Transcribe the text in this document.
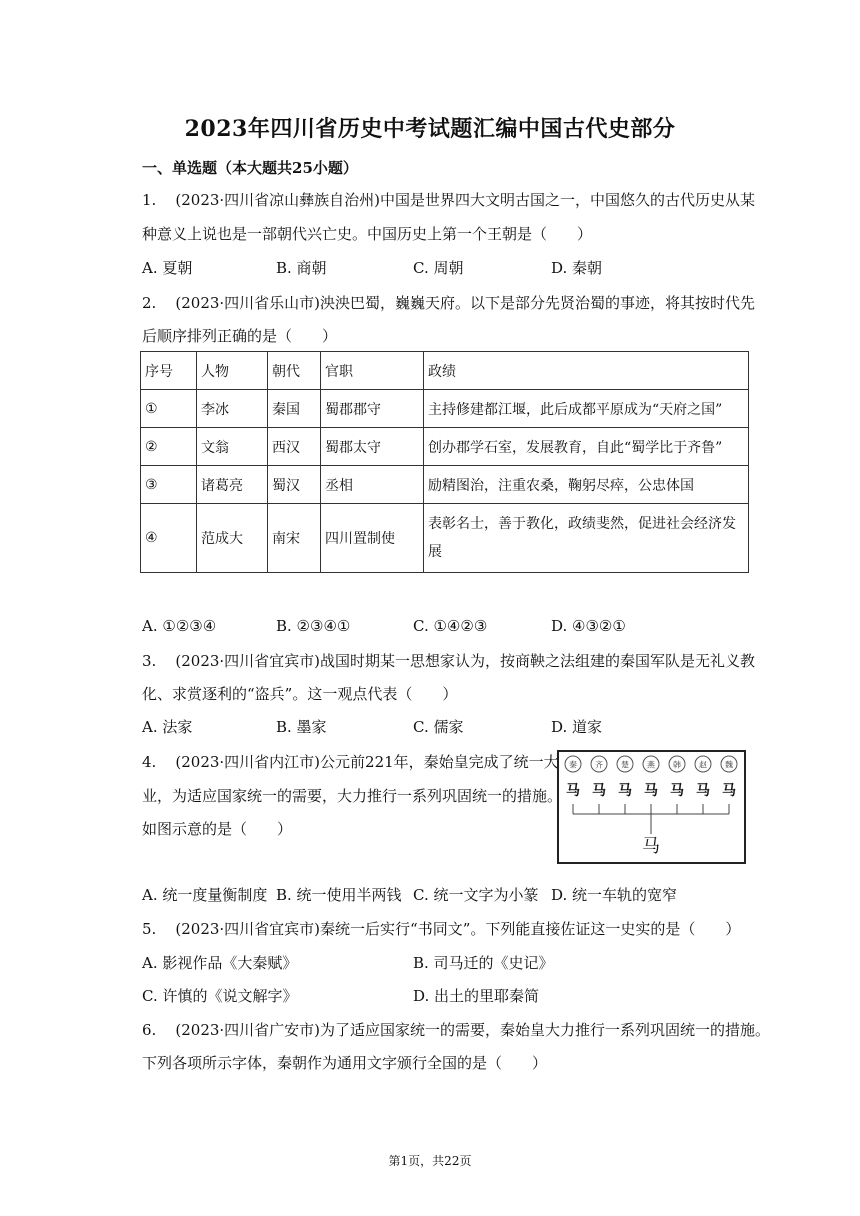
2023年四川省历史中考试题汇编中国古代史部分
一、单选题（本大题共25小题）
1.    (2023·四川省凉山彝族自治州)中国是世界四大文明古国之一，中国悠久的古代历史从某
种意义上说也是一部朝代兴亡史。中国历史上第一个王朝是（　　）
A. 夏朝	B. 商朝	C. 周朝	D. 秦朝
2.    (2023·四川省乐山市)泱泱巴蜀，巍巍天府。以下是部分先贤治蜀的事迹，将其按时代先
后顺序排列正确的是（　　）
序号	人物	朝代	官职	政绩
①	李冰	秦国	蜀郡郡守	主持修建都江堰，此后成都平原成为“天府之国”
②	文翁	西汉	蜀郡太守	创办郡学石室，发展教育，自此“蜀学比于齐鲁”
③	诸葛亮	蜀汉	丞相	励精图治，注重农桑，鞠躬尽瘁，公忠体国
④	范成大	南宋	四川置制使	表彰名士，善于教化，政绩斐然，促进社会经济发展
A. ①②③④	B. ②③④①	C. ①④②③	D. ④③②①
3.    (2023·四川省宜宾市)战国时期某一思想家认为，按商鞅之法组建的秦国军队是无礼义教
化、求赏逐利的“盗兵”。这一观点代表（　　）
A. 法家	B. 墨家	C. 儒家	D. 道家
4.    (2023·四川省内江市)公元前221年，秦始皇完成了统一大
业，为适应国家统一的需要，大力推行一系列巩固统一的措施。
如图示意的是（　　）
秦 齐 楚 燕 韩 赵 魏
马 马 马 马 马 马 马
马
A. 统一度量衡制度 B. 统一使用半两钱 C. 统一文字为小篆 D. 统一车轨的宽窄
5.    (2023·四川省宜宾市)秦统一后实行“书同文”。下列能直接佐证这一史实的是（　　）
A. 影视作品《大秦赋》	B. 司马迁的《史记》
C. 许慎的《说文解字》	D. 出土的里耶秦简
6.    (2023·四川省广安市)为了适应国家统一的需要，秦始皇大力推行一系列巩固统一的措施。
下列各项所示字体，秦朝作为通用文字颁行全国的是（　　）
第1页，共22页
